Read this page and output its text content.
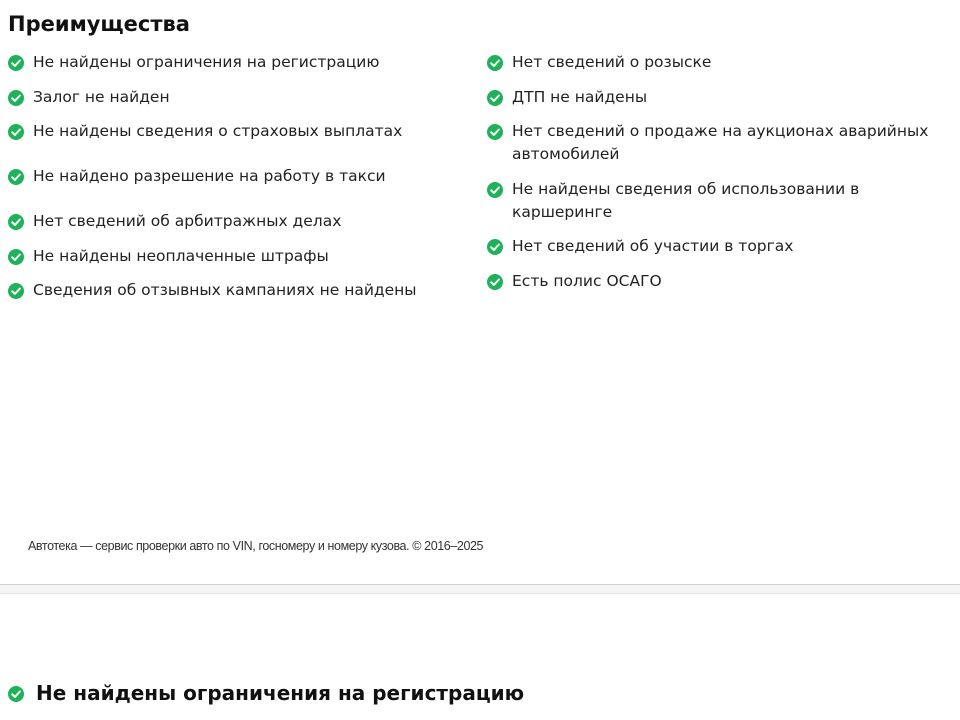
Преимущества
Не найдены ограничения на регистрацию
Залог не найден
Не найдены сведения о страховых выплатах
Не найдено разрешение на работу в такси
Нет сведений об арбитражных делах
Не найдены неоплаченные штрафы
Сведения об отзывных кампаниях не найдены
Нет сведений о розыске
ДТП не найдены
Нет сведений о продаже на аукционах аварийных автомобилей
Не найдены сведения об использовании в каршеринге
Нет сведений об участии в торгах
Есть полис ОСАГО

Автотека — сервис проверки авто по VIN, госномеру и номеру кузова. © 2016–2025

Не найдены ограничения на регистрацию
